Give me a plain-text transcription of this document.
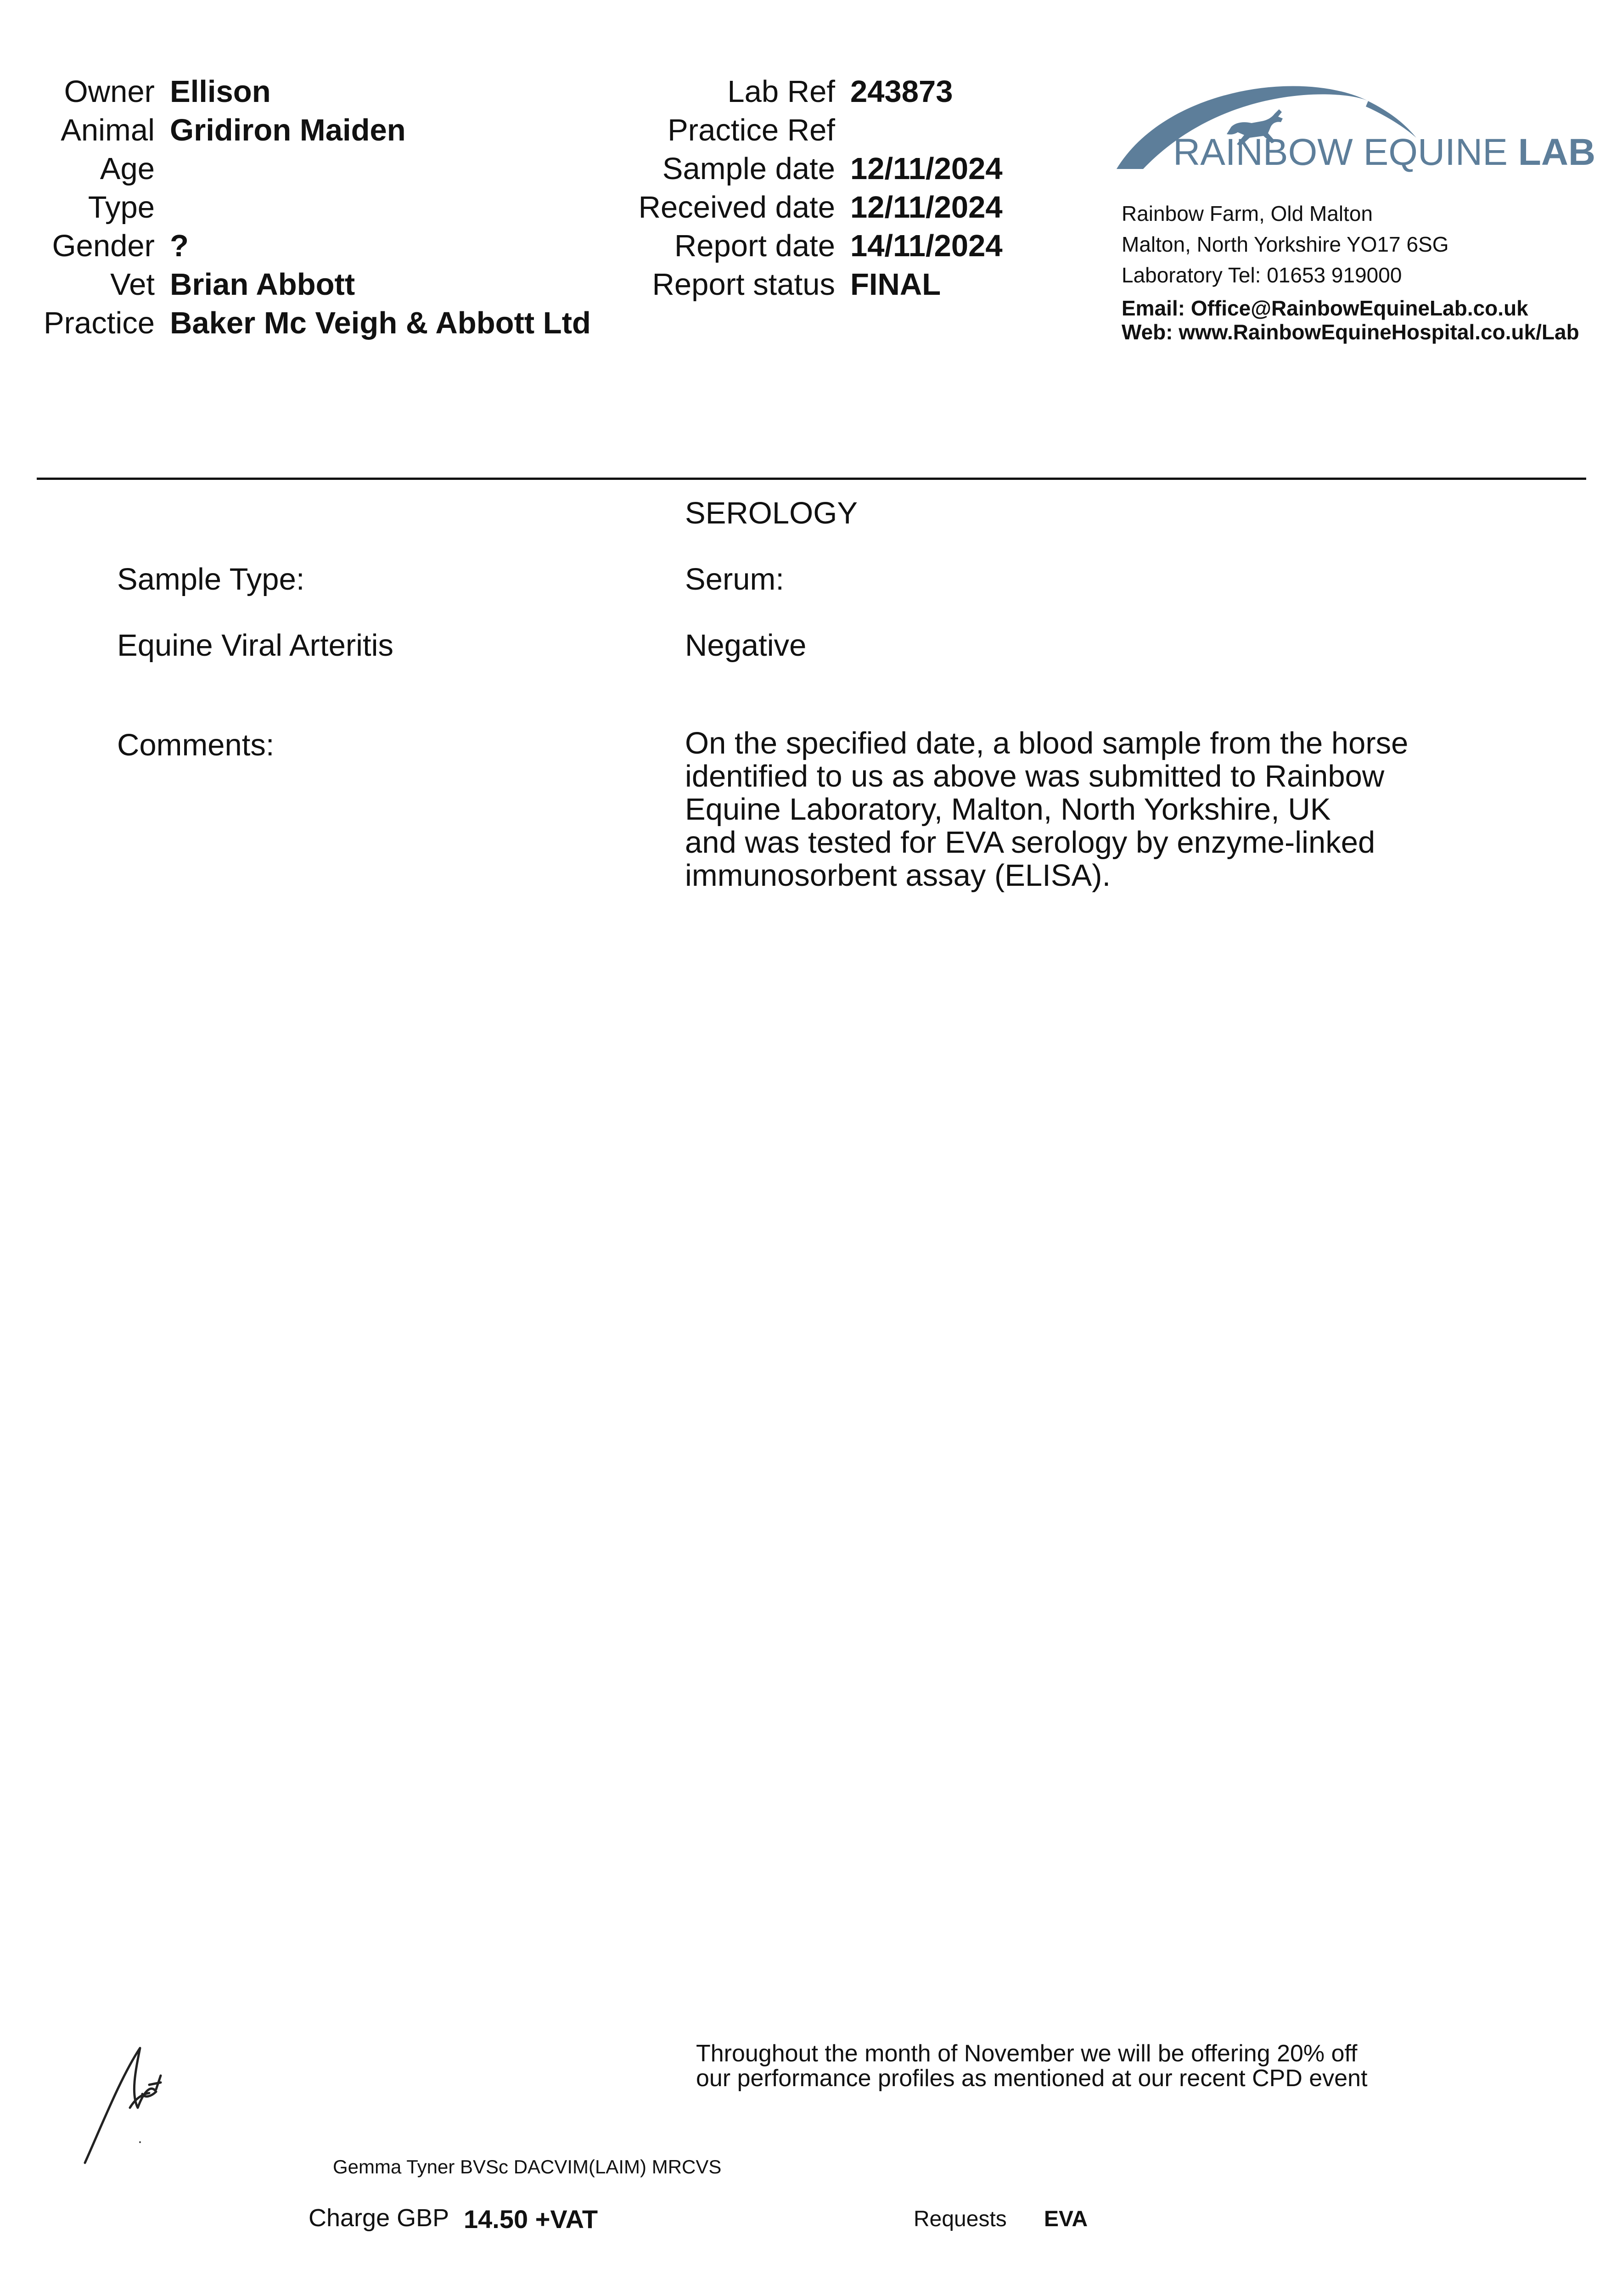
Owner Ellison
Animal Gridiron Maiden
Age
Type
Gender ?
Vet Brian Abbott
Practice Baker Mc Veigh & Abbott Ltd
Lab Ref 243873
Practice Ref
Sample date 12/11/2024
Received date 12/11/2024
Report date 14/11/2024
Report status FINAL
RAINBOW EQUINE LAB
Rainbow Farm, Old Malton
Malton, North Yorkshire YO17 6SG
Laboratory Tel: 01653 919000
Email: Office@RainbowEquineLab.co.uk
Web: www.RainbowEquineHospital.co.uk/Lab
SEROLOGY
Sample Type:	Serum:
Equine Viral Arteritis	Negative
Comments:	On the specified date, a blood sample from the horse
identified to us as above was submitted to Rainbow
Equine Laboratory, Malton, North Yorkshire, UK
and was tested for EVA serology by enzyme-linked
immunosorbent assay (ELISA).
Gemma Tyner BVSc DACVIM(LAIM) MRCVS
Throughout the month of November we will be offering 20% off
our performance profiles as mentioned at our recent CPD event
Charge GBP 14.50 +VAT	Requests EVA
